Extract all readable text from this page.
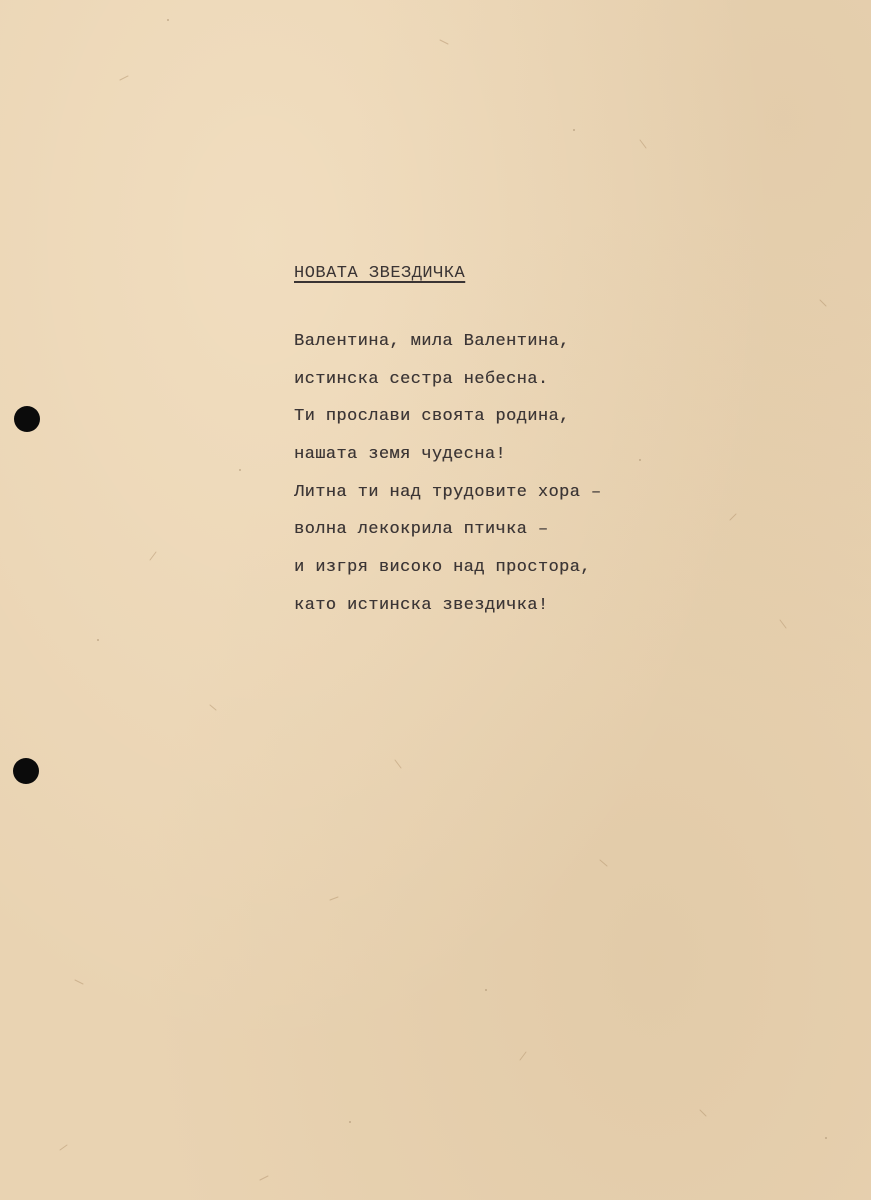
НОВАТА ЗВЕЗДИЧКА
Валентина, мила Валентина,
истинска сестра небесна.
Ти прослави своята родина,
нашата земя чудесна!
Литна ти над трудовите хора –
волна лекокрила птичка –
и изгря високо над простора,
като истинска звездичка!
